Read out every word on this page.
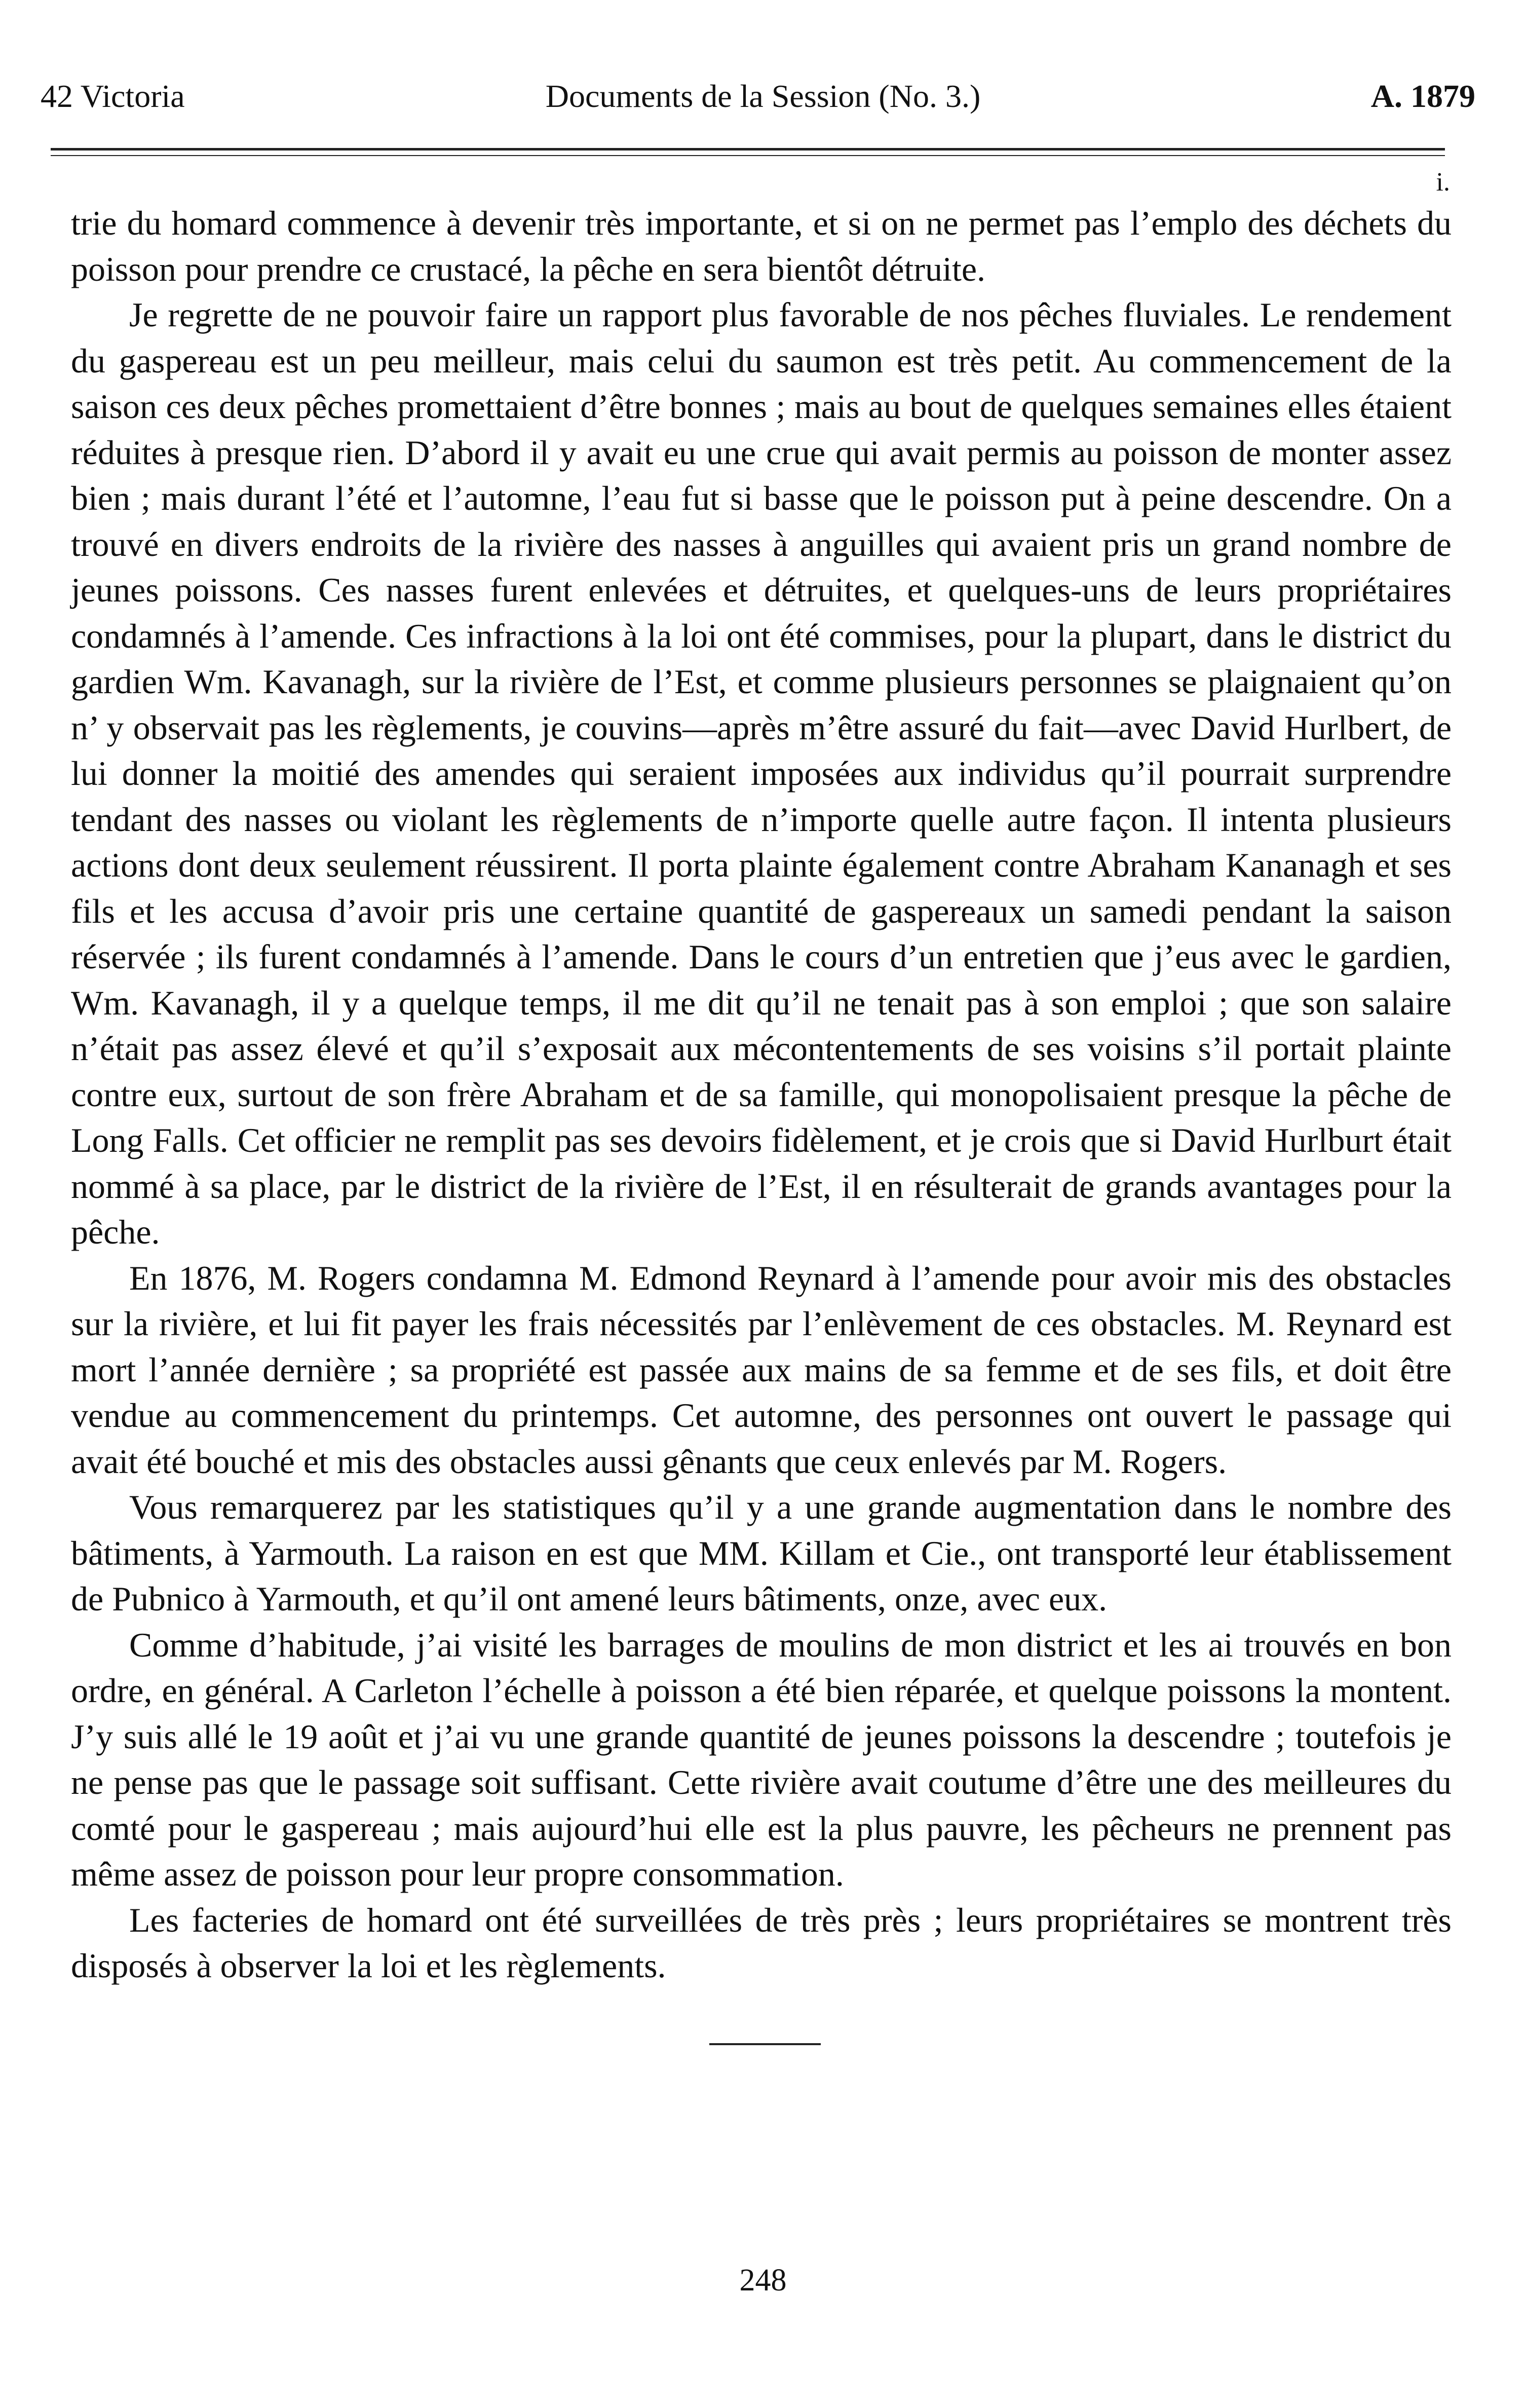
42 Victoria	Documents de la Session (No. 3.)	A. 1879
i.

trie du homard commence à devenir très importante, et si on ne permet pas l’emplo des déchets du poisson pour prendre ce crustacé, la pêche en sera bientôt détruite.

Je regrette de ne pouvoir faire un rapport plus favorable de nos pêches fluviales. Le rendement du gaspereau est un peu meilleur, mais celui du saumon est très petit. Au commencement de la saison ces deux pêches promettaient d’être bonnes ; mais au bout de quelques semaines elles étaient réduites à presque rien. D’abord il y avait eu une crue qui avait permis au poisson de monter assez bien ; mais durant l’été et l’automne, l’eau fut si basse que le poisson put à peine descendre. On a trouvé en divers endroits de la rivière des nasses à anguilles qui avaient pris un grand nombre de jeunes poissons. Ces nasses furent enlevées et détruites, et quelques-uns de leurs propriétaires condamnés à l’amende. Ces infractions à la loi ont été commises, pour la plupart, dans le district du gardien Wm. Kavanagh, sur la rivière de l’Est, et comme plusieurs personnes se plaignaient qu’on n’ y observait pas les règlements, je couvins—après m’être assuré du fait—avec David Hurlbert, de lui donner la moitié des amendes qui seraient imposées aux individus qu’il pourrait surprendre tendant des nasses ou violant les règlements de n’importe quelle autre façon. Il intenta plusieurs actions dont deux seulement réussirent. Il porta plainte également contre Abraham Kananagh et ses fils et les accusa d’avoir pris une certaine quantité de gaspereaux un samedi pendant la saison réservée ; ils furent condamnés à l’amende. Dans le cours d’un entretien que j’eus avec le gardien, Wm. Kavanagh, il y a quelque temps, il me dit qu’il ne tenait pas à son emploi ; que son salaire n’était pas assez élevé et qu’il s’exposait aux mécontentements de ses voisins s’il portait plainte contre eux, surtout de son frère Abraham et de sa famille, qui monopolisaient presque la pêche de Long Falls. Cet officier ne remplit pas ses devoirs fidèlement, et je crois que si David Hurlburt était nommé à sa place, par le district de la rivière de l’Est, il en résulterait de grands avantages pour la pêche.

En 1876, M. Rogers condamna M. Edmond Reynard à l’amende pour avoir mis des obstacles sur la rivière, et lui fit payer les frais nécessités par l’enlèvement de ces obstacles. M. Reynard est mort l’année dernière ; sa propriété est passée aux mains de sa femme et de ses fils, et doit être vendue au commencement du printemps. Cet automne, des personnes ont ouvert le passage qui avait été bouché et mis des obstacles aussi gênants que ceux enlevés par M. Rogers.

Vous remarquerez par les statistiques qu’il y a une grande augmentation dans le nombre des bâtiments, à Yarmouth. La raison en est que MM. Killam et Cie., ont transporté leur établissement de Pubnico à Yarmouth, et qu’il ont amené leurs bâtiments, onze, avec eux.

Comme d’habitude, j’ai visité les barrages de moulins de mon district et les ai trouvés en bon ordre, en général. A Carleton l’échelle à poisson a été bien réparée, et quelque poissons la montent. J’y suis allé le 19 août et j’ai vu une grande quantité de jeunes poissons la descendre ; toutefois je ne pense pas que le passage soit suffisant. Cette rivière avait coutume d’être une des meilleures du comté pour le gaspereau ; mais aujourd’hui elle est la plus pauvre, les pêcheurs ne prennent pas même assez de poisson pour leur propre consommation.

Les facteries de homard ont été surveillées de très près ; leurs propriétaires se montrent très disposés à observer la loi et les règlements.

248
